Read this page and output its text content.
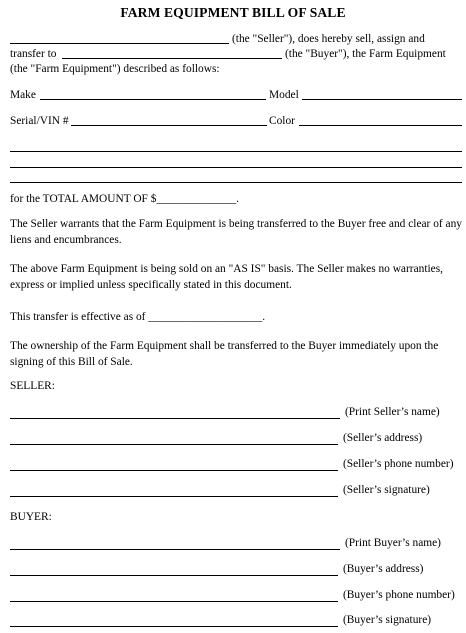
FARM EQUIPMENT BILL OF SALE
(the "Seller"), does hereby sell, assign and
transfer to	(the "Buyer"), the Farm Equipment
(the "Farm Equipment") described as follows:
Make	Model
Serial/VIN #	Color
for the TOTAL AMOUNT OF $______________.
The Seller warrants that the Farm Equipment is being transferred to the Buyer free and clear of any liens and encumbrances.
The above Farm Equipment is being sold on an "AS IS" basis. The Seller makes no warranties, express or implied unless specifically stated in this document.
This transfer is effective as of ____________________.
The ownership of the Farm Equipment shall be transferred to the Buyer immediately upon the signing of this Bill of Sale.
SELLER:
(Print Seller’s name)
(Seller’s address)
(Seller’s phone number)
(Seller’s signature)
BUYER:
(Print Buyer’s name)
(Buyer’s address)
(Buyer’s phone number)
(Buyer’s signature)
